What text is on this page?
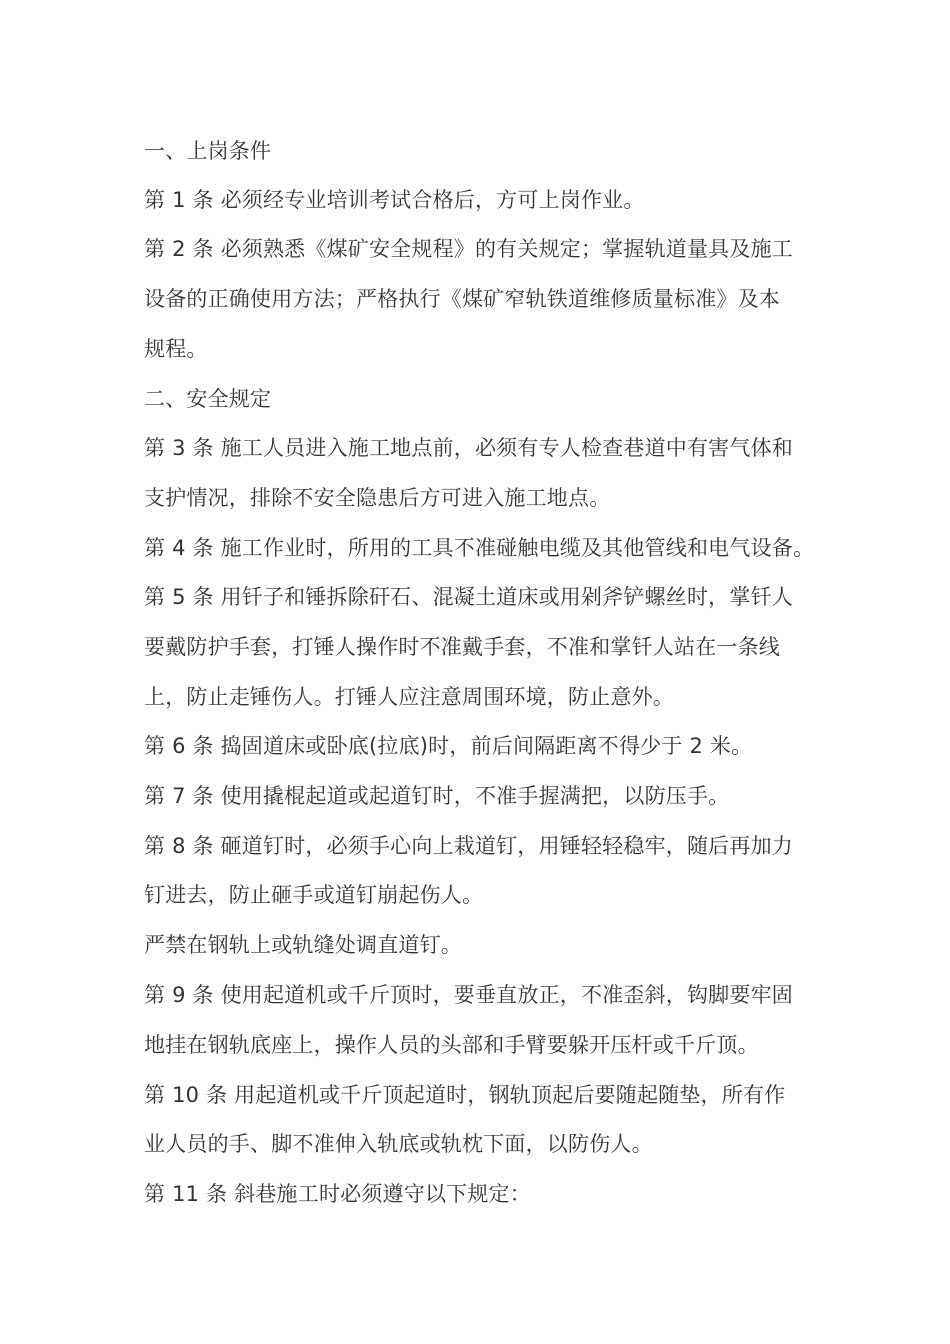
一、上岗条件
第 1 条 必须经专业培训考试合格后，方可上岗作业。
第 2 条 必须熟悉《煤矿安全规程》的有关规定；掌握轨道量具及施工
设备的正确使用方法；严格执行《煤矿窄轨铁道维修质量标准》及本
规程。
二、安全规定
第 3 条 施工人员进入施工地点前，必须有专人检查巷道中有害气体和
支护情况，排除不安全隐患后方可进入施工地点。
第 4 条 施工作业时，所用的工具不准碰触电缆及其他管线和电气设备。
第 5 条 用钎子和锤拆除矸石、混凝土道床或用剁斧铲螺丝时，掌钎人
要戴防护手套，打锤人操作时不准戴手套，不准和掌钎人站在一条线
上，防止走锤伤人。打锤人应注意周围环境，防止意外。
第 6 条 捣固道床或卧底(拉底)时，前后间隔距离不得少于 2 米。
第 7 条 使用撬棍起道或起道钉时，不准手握满把，以防压手。
第 8 条 砸道钉时，必须手心向上栽道钉，用锤轻轻稳牢，随后再加力
钉进去，防止砸手或道钉崩起伤人。
严禁在钢轨上或轨缝处调直道钉。
第 9 条 使用起道机或千斤顶时，要垂直放正，不准歪斜，钩脚要牢固
地挂在钢轨底座上，操作人员的头部和手臂要躲开压杆或千斤顶。
第 10 条 用起道机或千斤顶起道时，钢轨顶起后要随起随垫，所有作
业人员的手、脚不准伸入轨底或轨枕下面，以防伤人。
第 11 条 斜巷施工时必须遵守以下规定：
